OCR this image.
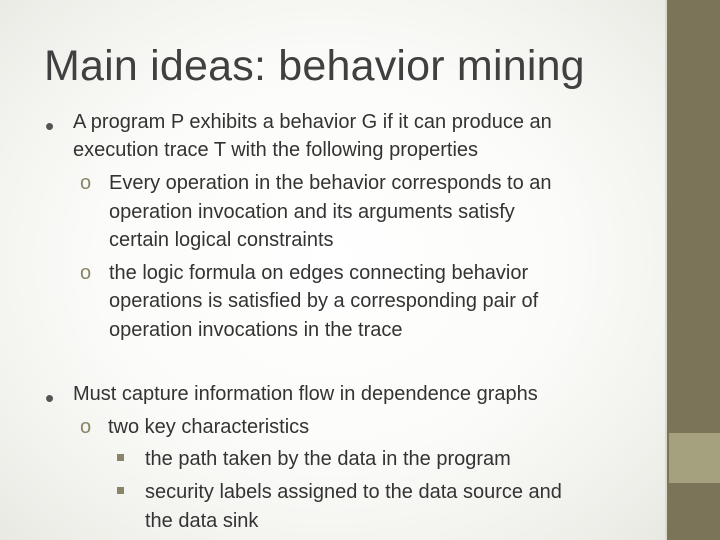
Main ideas: behavior mining
• A program P exhibits a behavior G if it can produce an
execution trace T with the following properties
o Every operation in the behavior corresponds to an
operation invocation and its arguments satisfy
certain logical constraints
o the logic formula on edges connecting behavior
operations is satisfied by a corresponding pair of
operation invocations in the trace
• Must capture information flow in dependence graphs
o two key characteristics
the path taken by the data in the program
security labels assigned to the data source and
the data sink
